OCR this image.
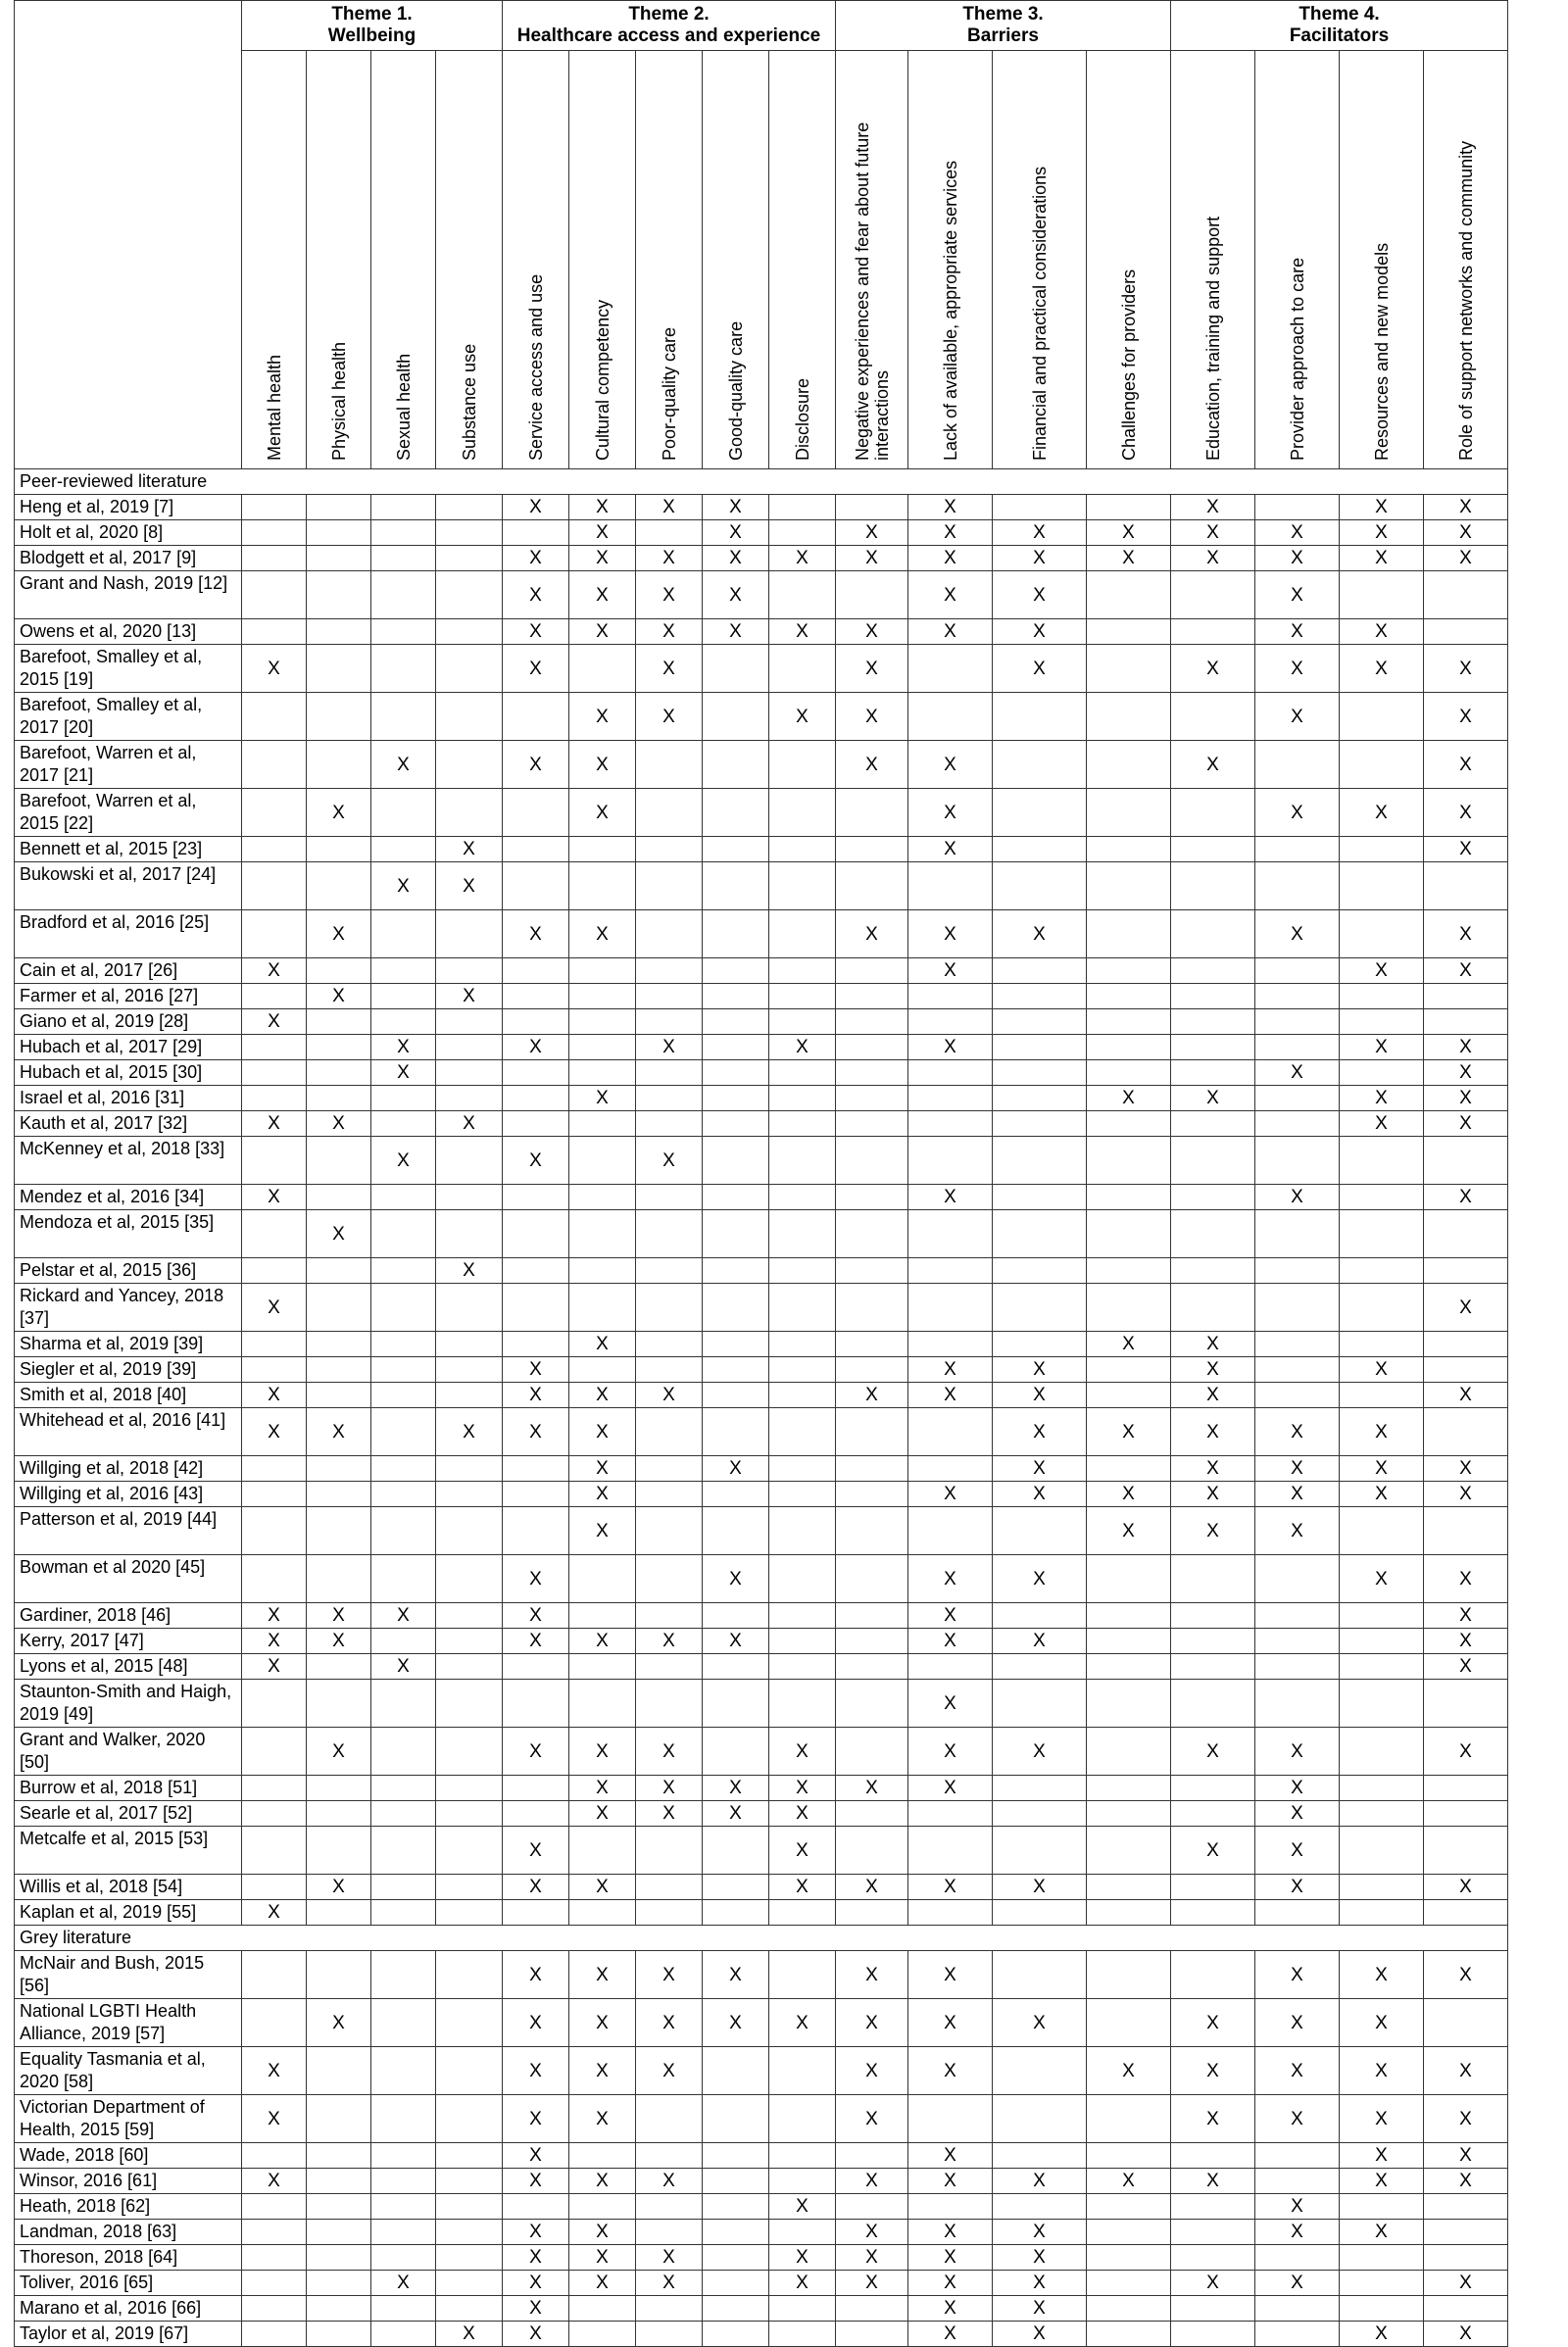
	Theme 1.
Wellbeing				Theme 2.
Healthcare access and experience					Theme 3.
Barriers				Theme 4.
Facilitators			

	Mental health	Physical health	Sexual health	Substance use	Service access and use	Cultural competency	Poor-quality care	Good-quality care	Disclosure	Negative experiences and fear about future interactions	Lack of available, appropriate services	Financial and practical considerations	Challenges for providers	Education, training and support	Provider approach to care	Resources and new models	Role of support networks and community

Peer-reviewed literature																	
Heng et al, 2019 [7]					X	X	X	X			X			X		X	X
Holt et al, 2020 [8]						X		X		X	X	X	X	X	X	X	X
Blodgett et al, 2017 [9]					X	X	X	X	X	X	X	X	X	X	X	X	X
Grant and Nash, 2019 [12]					X	X	X	X			X	X			X		
Owens et al, 2020 [13]					X	X	X	X	X	X	X	X			X	X	
Barefoot, Smalley et al, 2015 [19]	X				X		X			X		X		X	X	X	X
Barefoot, Smalley et al, 2017 [20]						X	X		X	X					X		X
Barefoot, Warren et al, 2017 [21]			X		X	X				X	X			X			X
Barefoot, Warren et al, 2015 [22]		X				X					X				X	X	X
Bennett et al, 2015 [23]				X							X						X
Bukowski et al, 2017 [24]			X	X													
Bradford et al, 2016 [25]		X			X	X				X	X	X			X		X
Cain et al, 2017 [26]	X										X					X	X
Farmer et al, 2016 [27]		X		X													
Giano et al, 2019 [28]	X																
Hubach et al, 2017 [29]			X		X		X		X		X					X	X
Hubach et al, 2015 [30]			X												X		X
Israel et al, 2016 [31]						X							X	X		X	X
Kauth et al, 2017 [32]	X	X		X												X	X
McKenney et al, 2018 [33]			X		X		X										
Mendez et al, 2016 [34]	X										X				X		X
Mendoza et al, 2015 [35]		X															
Pelstar et al, 2015 [36]				X													
Rickard and Yancey, 2018 [37]	X																X
Sharma et al, 2019 [39]						X							X	X			
Siegler et al, 2019 [39]					X						X	X		X		X	
Smith et al, 2018 [40]	X				X	X	X			X	X	X		X			X
Whitehead et al, 2016 [41]	X	X		X	X	X						X	X	X	X	X	
Willging et al, 2018 [42]						X		X				X		X	X	X	X
Willging et al, 2016 [43]						X					X	X	X	X	X	X	X
Patterson et al, 2019 [44]						X							X	X	X		
Bowman et al 2020 [45]					X			X			X	X				X	X
Gardiner, 2018 [46]	X	X	X		X						X						X
Kerry, 2017 [47]	X	X			X	X	X	X			X	X					X
Lyons et al, 2015 [48]	X		X														X
Staunton-Smith and Haigh, 2019 [49]											X						
Grant and Walker, 2020 [50]		X			X	X	X		X		X	X		X	X		X
Burrow et al, 2018 [51]						X	X	X	X	X	X				X		
Searle et al, 2017 [52]						X	X	X	X						X		
Metcalfe et al, 2015 [53]					X				X					X	X		
Willis et al, 2018 [54]		X			X	X			X	X	X	X			X		X
Kaplan et al, 2019 [55]	X																
Grey literature																	
McNair and Bush, 2015 [56]					X	X	X	X		X	X				X	X	X
National LGBTI Health Alliance, 2019 [57]		X			X	X	X	X	X	X	X	X		X	X	X	
Equality Tasmania et al, 2020 [58]	X				X	X	X			X	X		X	X	X	X	X
Victorian Department of Health, 2015 [59]	X				X	X				X				X	X	X	X
Wade, 2018 [60]					X						X					X	X
Winsor, 2016 [61]	X				X	X	X			X	X	X	X	X		X	X
Heath, 2018 [62]									X						X		
Landman, 2018 [63]					X	X				X	X	X			X	X	
Thoreson, 2018 [64]					X	X	X		X	X	X	X					
Toliver, 2016 [65]			X		X	X	X		X	X	X	X		X	X		X
Marano et al, 2016 [66]					X						X	X					
Taylor et al, 2019 [67]				X	X						X	X				X	X
